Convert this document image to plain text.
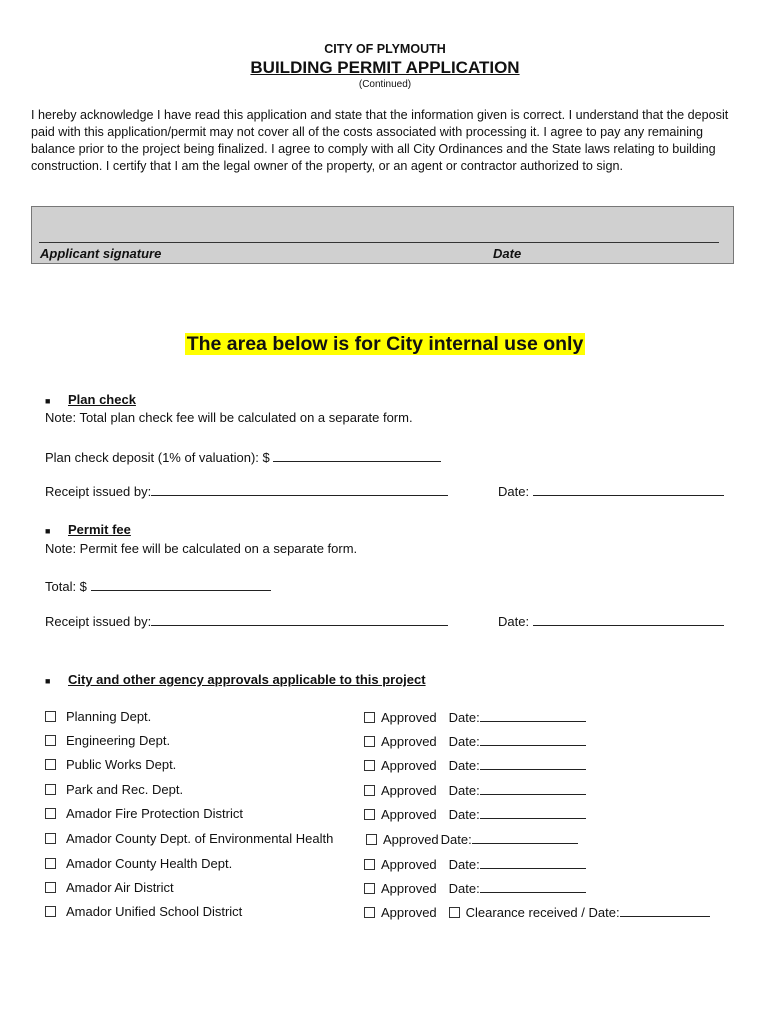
CITY OF PLYMOUTH
BUILDING PERMIT APPLICATION
(Continued)
I hereby acknowledge I have read this application and state that the information given is correct. I understand that the deposit paid with this application/permit may not cover all of the costs associated with processing it. I agree to pay any remaining balance prior to the project being finalized. I agree to comply with all City Ordinances and the State laws relating to building construction. I certify that I am the legal owner of the property, or an agent or contractor authorized to sign.
Applicant signature	Date
The area below is for City internal use only
■ Plan check
Note: Total plan check fee will be calculated on a separate form.
Plan check deposit (1% of valuation): $
Receipt issued by:	Date:
■ Permit fee
Note: Permit fee will be calculated on a separate form.
Total: $
Receipt issued by:	Date:
■ City and other agency approvals applicable to this project
Planning Dept.	Approved Date:
Engineering Dept.	Approved Date:
Public Works Dept.	Approved Date:
Park and Rec. Dept.	Approved Date:
Amador Fire Protection District	Approved Date:
Amador County Dept. of Environmental Health	Approved Date:
Amador County Health Dept.	Approved Date:
Amador Air District	Approved Date:
Amador Unified School District	Approved Clearance received / Date:
